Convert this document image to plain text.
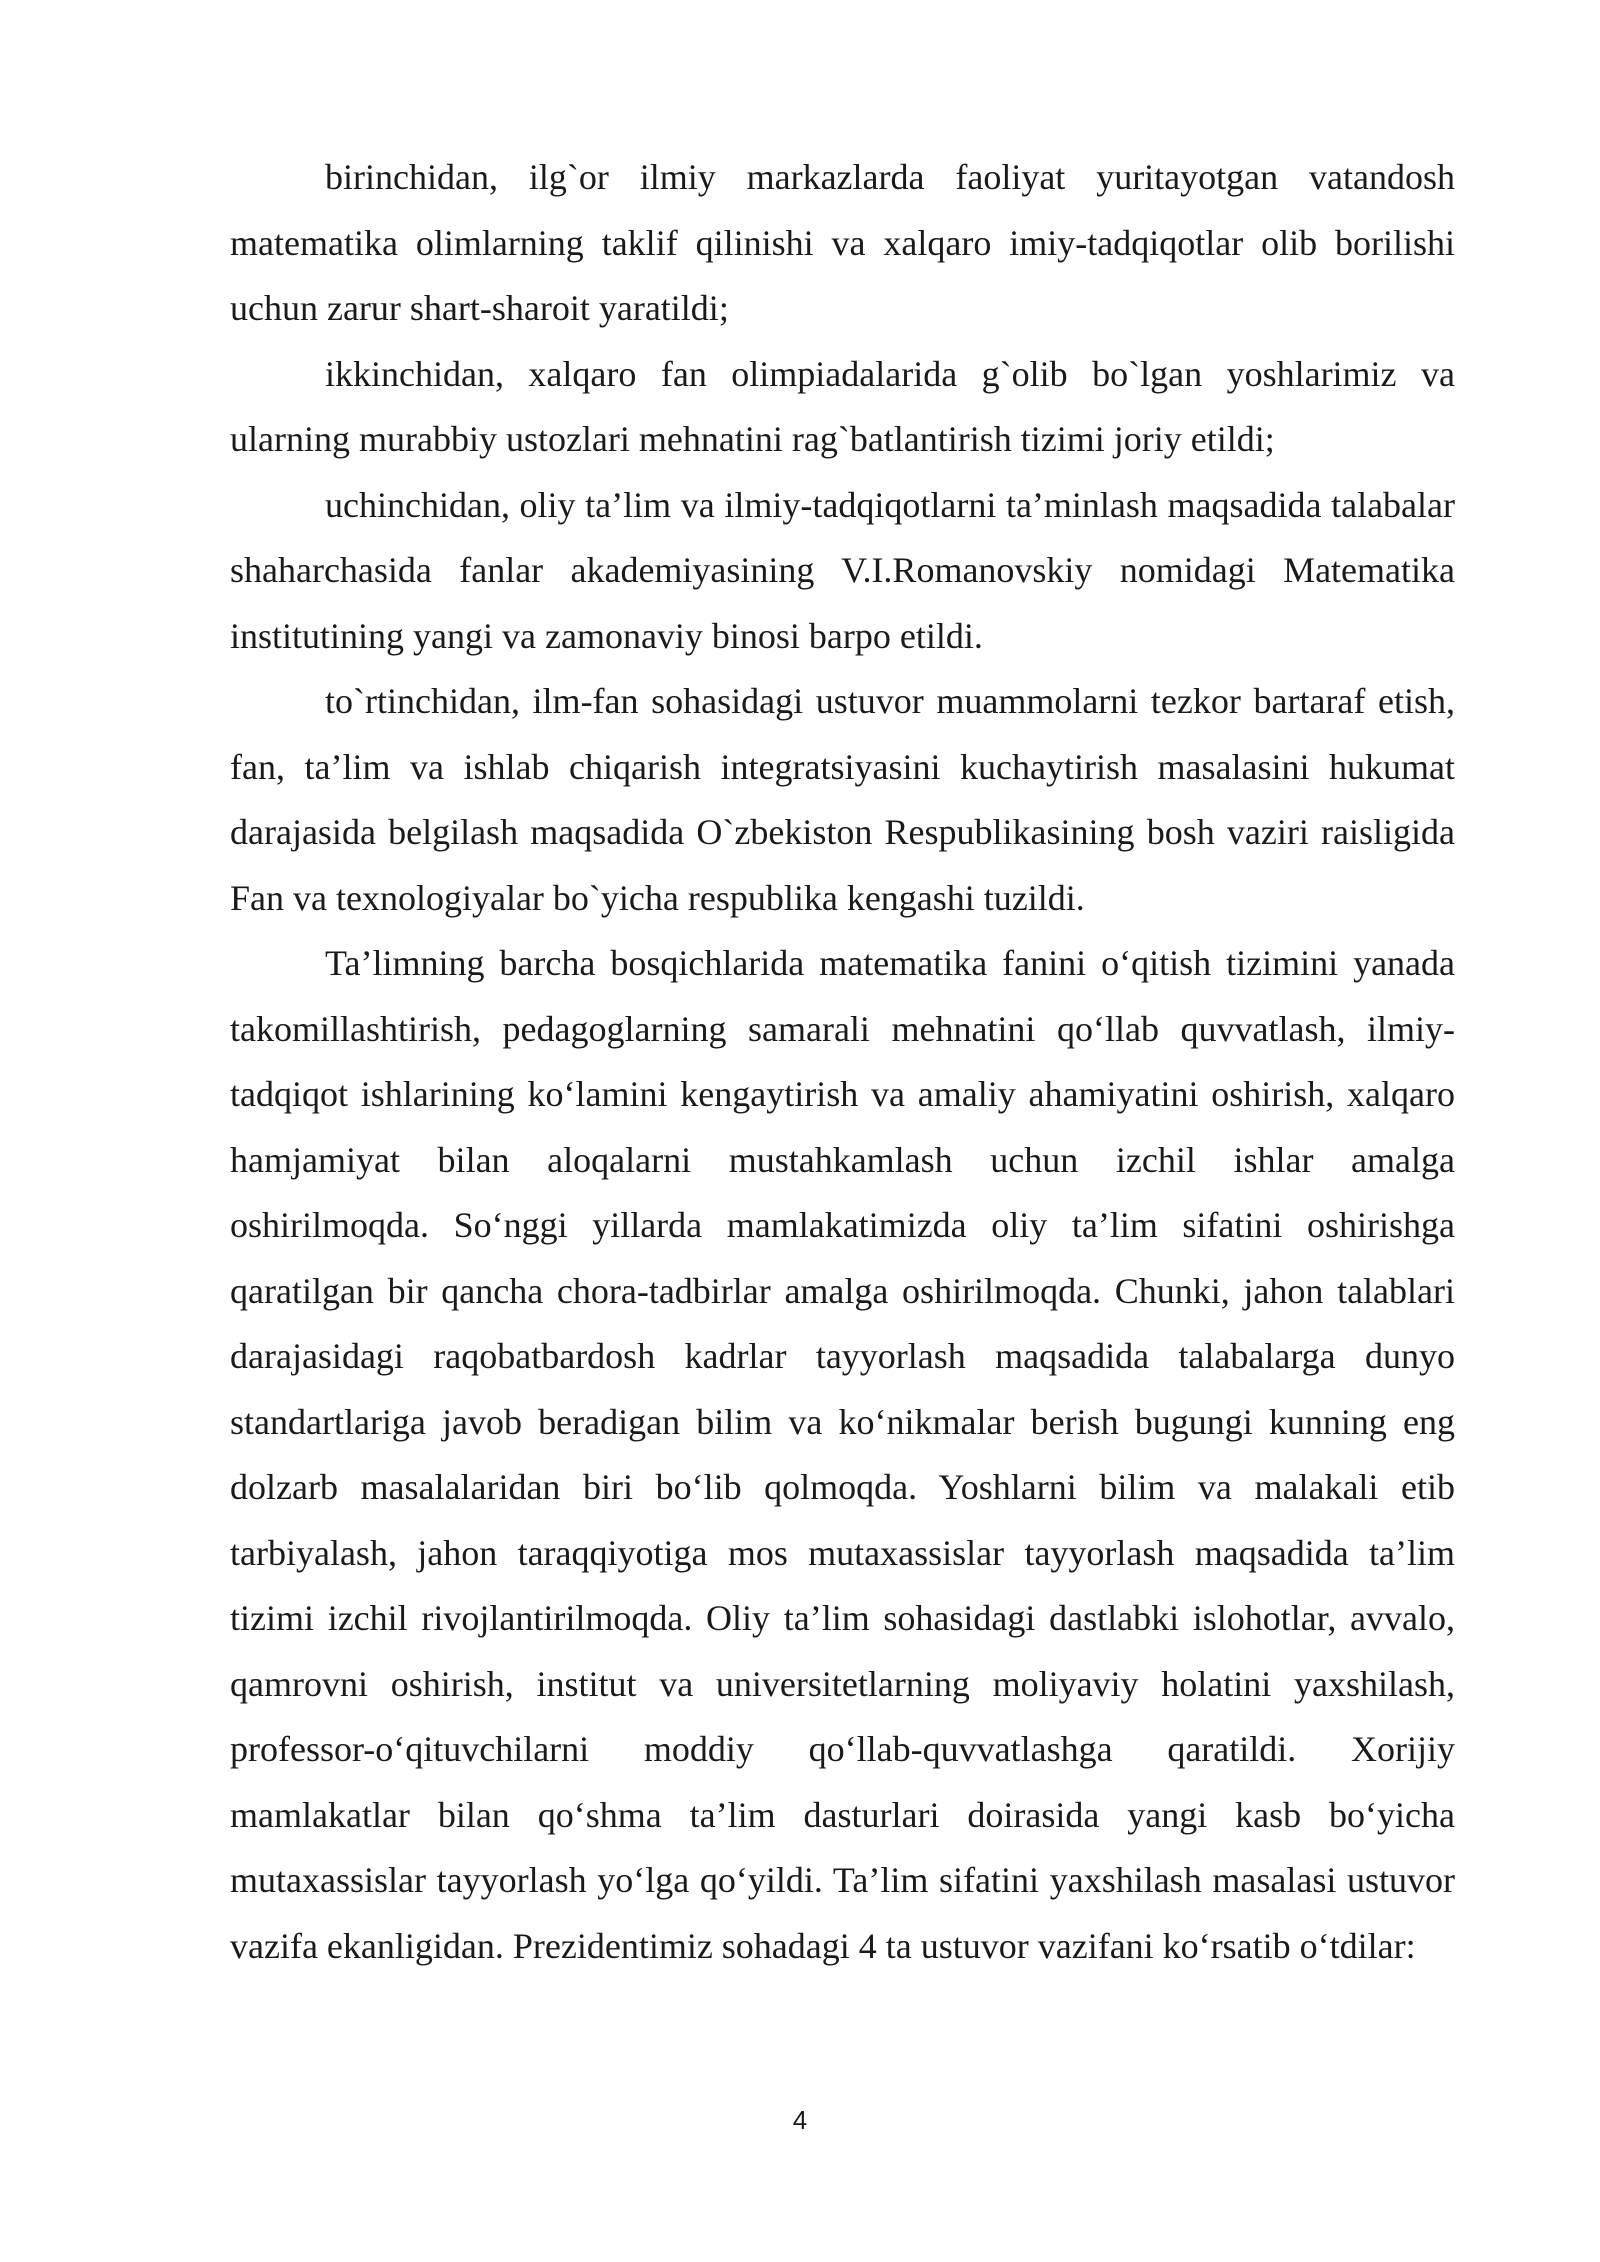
birinchidan, ilg`or ilmiy markazlarda faoliyat yuritayotgan vatandosh matematika olimlarning taklif qilinishi va xalqaro imiy-tadqiqotlar olib borilishi uchun zarur shart-sharoit yaratildi;

ikkinchidan, xalqaro fan olimpiadalarida g`olib bo`lgan yoshlarimiz va ularning murabbiy ustozlari mehnatini rag`batlantirish tizimi joriy etildi;

uchinchidan, oliy ta’lim va ilmiy-tadqiqotlarni ta’minlash maqsadida talabalar shaharchasida fanlar akademiyasining V.I.Romanovskiy nomidagi Matematika institutining yangi va zamonaviy binosi barpo etildi.

to`rtinchidan, ilm-fan sohasidagi ustuvor muammolarni tezkor bartaraf etish, fan, ta’lim va ishlab chiqarish integratsiyasini kuchaytirish masalasini hukumat darajasida belgilash maqsadida O`zbekiston Respublikasining bosh vaziri raisligida Fan va texnologiyalar bo`yicha respublika kengashi tuzildi.

Ta’limning barcha bosqichlarida matematika fanini o‘qitish tizimini yanada takomillashtirish, pedagoglarning samarali mehnatini qo‘llab quvvatlash, ilmiy-tadqiqot ishlarining ko‘lamini kengaytirish va amaliy ahamiyatini oshirish, xalqaro hamjamiyat bilan aloqalarni mustahkamlash uchun izchil ishlar amalga oshirilmoqda. So‘nggi yillarda mamlakatimizda oliy ta’lim sifatini oshirishga qaratilgan bir qancha chora-tadbirlar amalga oshirilmoqda. Chunki, jahon talablari darajasidagi raqobatbardosh kadrlar tayyorlash maqsadida talabalarga dunyo standartlariga javob beradigan bilim va ko‘nikmalar berish bugungi kunning eng dolzarb masalalaridan biri bo‘lib qolmoqda. Yoshlarni bilim va malakali etib tarbiyalash, jahon taraqqiyotiga mos mutaxassislar tayyorlash maqsadida ta’lim tizimi izchil rivojlantirilmoqda. Oliy ta’lim sohasidagi dastlabki islohotlar, avvalo, qamrovni oshirish, institut va universitetlarning moliyaviy holatini yaxshilash, professor-o‘qituvchilarni moddiy qo‘llab-quvvatlashga qaratildi. Xorijiy mamlakatlar bilan qo‘shma ta’lim dasturlari doirasida yangi kasb bo‘yicha mutaxassislar tayyorlash yo‘lga qo‘yildi. Ta’lim sifatini yaxshilash masalasi ustuvor vazifa ekanligidan. Prezidentimiz sohadagi 4 ta ustuvor vazifani ko‘rsatib o‘tdilar:

4
